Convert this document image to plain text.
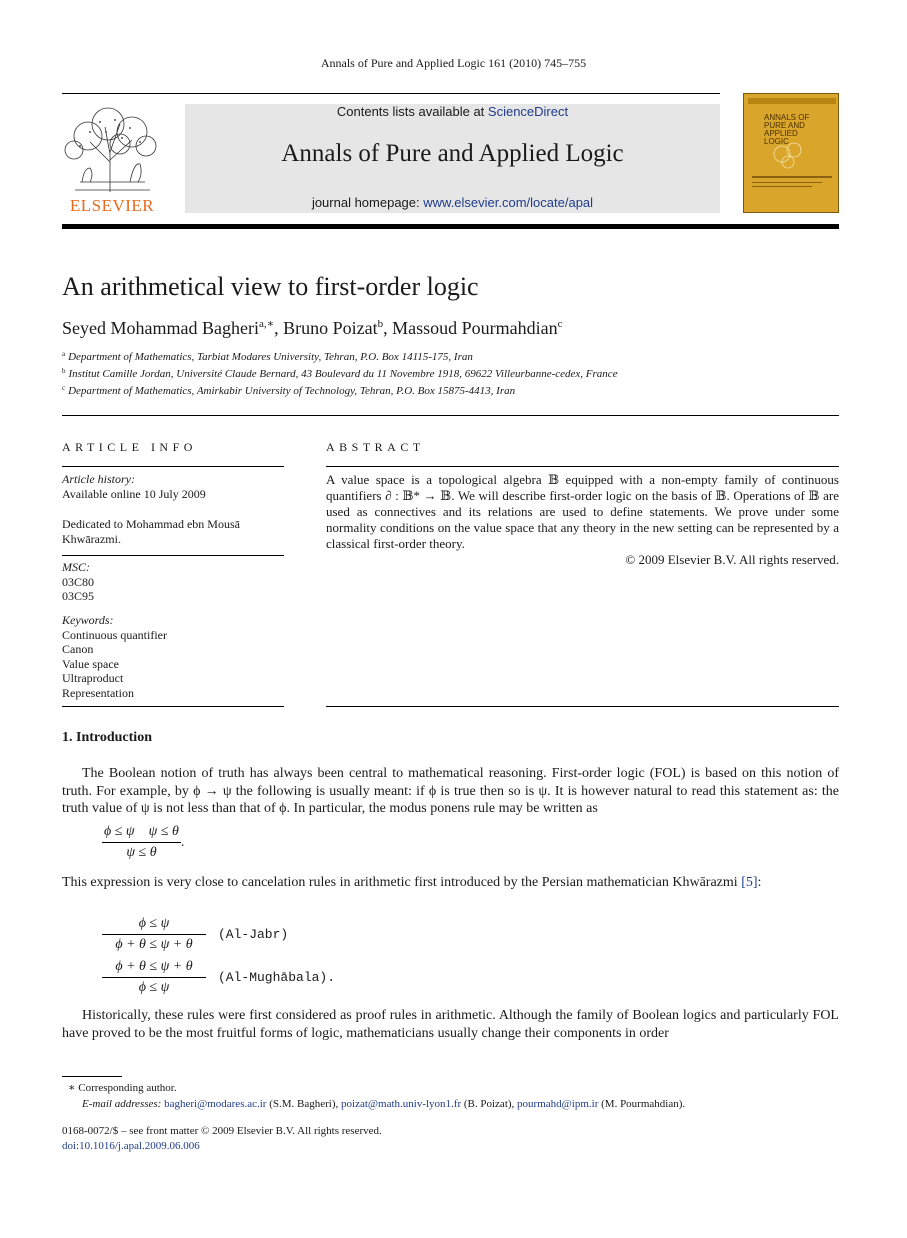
Annals of Pure and Applied Logic 161 (2010) 745–755
ELSEVIER
Contents lists available at ScienceDirect
Annals of Pure and Applied Logic
journal homepage: www.elsevier.com/locate/apal
ANNALS OF PURE AND APPLIED LOGIC
An arithmetical view to first-order logic
Seyed Mohammad Bagheri$^{a,∗}$, Bruno Poizat$^b$, Massoud Pourmahdian$^c$
$^a$ Department of Mathematics, Tarbiat Modares University, Tehran, P.O. Box 14115-175, Iran
$^b$ Institut Camille Jordan, Université Claude Bernard, 43 Boulevard du 11 Novembre 1918, 69622 Villeurbanne-cedex, France
$^c$ Department of Mathematics, Amirkabir University of Technology, Tehran, P.O. Box 15875-4413, Iran
ARTICLE INFO
Article history:
Available online 10 July 2009
Dedicated to Mohammad ebn Mousā
Khwārazmi.
MSC:
03C80
03C95
Keywords:
Continuous quantifier
Canon
Value space
Ultraproduct
Representation
ABSTRACT
A value space is a topological algebra 𝔹 equipped with a non-empty family of continuous quantifiers ∂ : 𝔹* → 𝔹. We will describe first-order logic on the basis of 𝔹. Operations of 𝔹 are used as connectives and its relations are used to define statements. We prove under some normality conditions on the value space that any theory in the new setting can be represented by a classical first-order theory.
© 2009 Elsevier B.V. All rights reserved.
1. Introduction
The Boolean notion of truth has always been central to mathematical reasoning. First-order logic (FOL) is based on this notion of truth. For example, by ϕ → ψ the following is usually meant: if ϕ is true then so is ψ. It is however natural to read this statement as: the truth value of ψ is not less than that of ϕ. In particular, the modus ponens rule may be written as
$\frac{\text{ϕ ≤ ψ    ψ ≤ θ}}{\psi \le \theta}$ .
This expression is very close to cancelation rules in arithmetic first introduced by the Persian mathematician Khwārazmi [5]:
$\frac{\phi \le \psi}{\phi + \theta \le \psi + \theta}$ (Al-Jabr)
$\frac{\phi + \theta \le \psi + \theta}{\phi \le \psi}$ (Al-Mughābala).
Historically, these rules were first considered as proof rules in arithmetic. Although the family of Boolean logics and particularly FOL have proved to be the most fruitful forms of logic, mathematicians usually change their components in order
∗ Corresponding author.
E-mail addresses: bagheri@modares.ac.ir (S.M. Bagheri), poizat@math.univ-lyon1.fr (B. Poizat), pourmahd@ipm.ir (M. Pourmahdian).
0168-0072/$ – see front matter © 2009 Elsevier B.V. All rights reserved.
doi:10.1016/j.apal.2009.06.006
